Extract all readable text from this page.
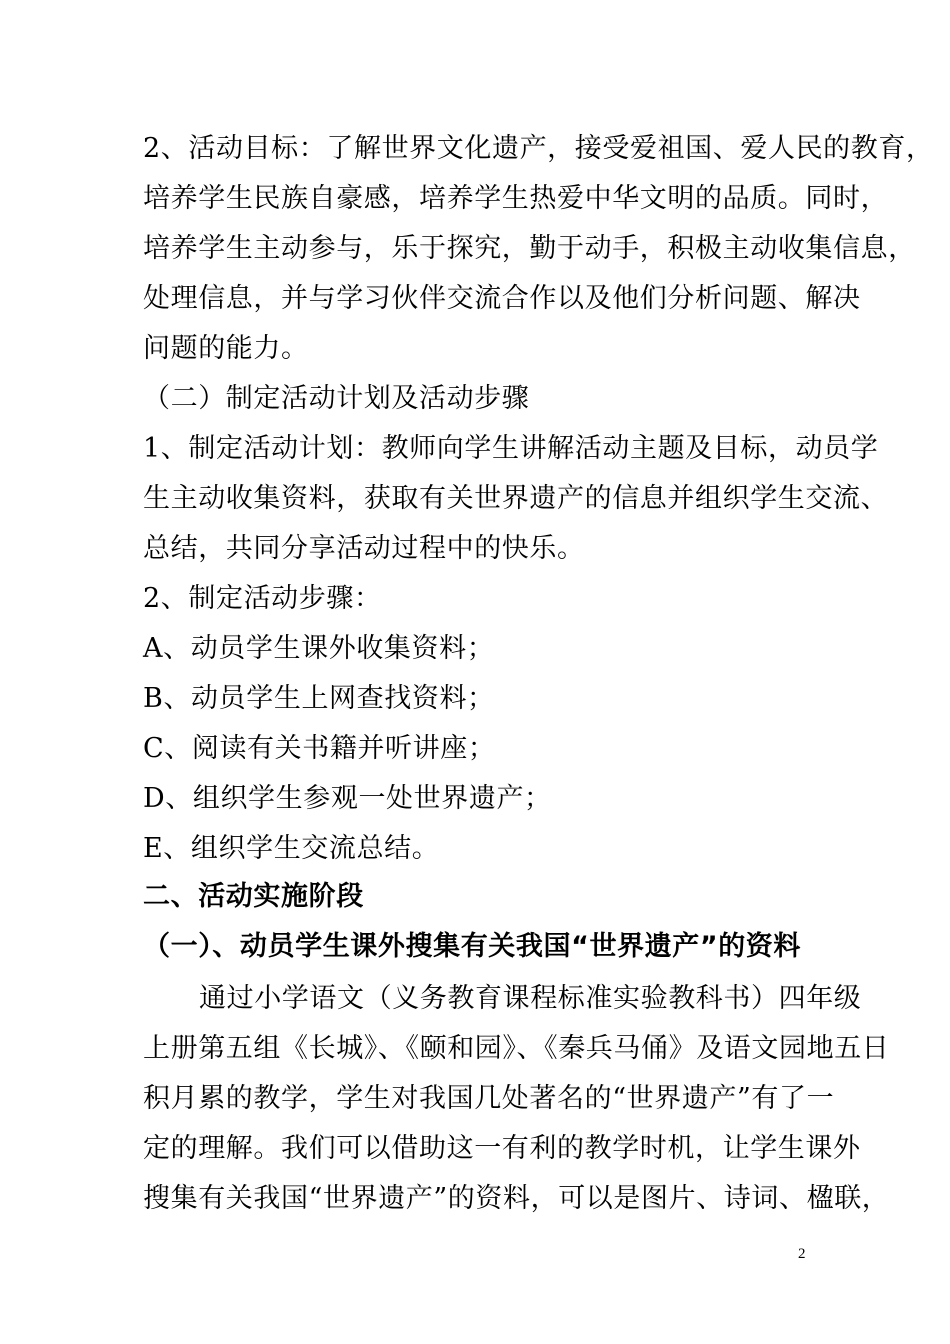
2、活动目标：了解世界文化遗产，接受爱祖国、爱人民的教育，
培养学生民族自豪感，培养学生热爱中华文明的品质。同时，
培养学生主动参与，乐于探究，勤于动手，积极主动收集信息，
处理信息，并与学习伙伴交流合作以及他们分析问题、解决
问题的能力。
（二）制定活动计划及活动步骤
1、制定活动计划：教师向学生讲解活动主题及目标，动员学
生主动收集资料，获取有关世界遗产的信息并组织学生交流、
总结，共同分享活动过程中的快乐。
2、制定活动步骤：
A、动员学生课外收集资料；
B、动员学生上网查找资料；
C、阅读有关书籍并听讲座；
D、组织学生参观一处世界遗产；
E、组织学生交流总结。
二、活动实施阶段
（一）、动员学生课外搜集有关我国“世界遗产”的资料
通过小学语文（义务教育课程标准实验教科书）四年级
上册第五组《长城》、《颐和园》、《秦兵马俑》及语文园地五日
积月累的教学，学生对我国几处著名的“世界遗产”有了一
定的理解。我们可以借助这一有利的教学时机，让学生课外
搜集有关我国“世界遗产”的资料，可以是图片、诗词、楹联，
2
